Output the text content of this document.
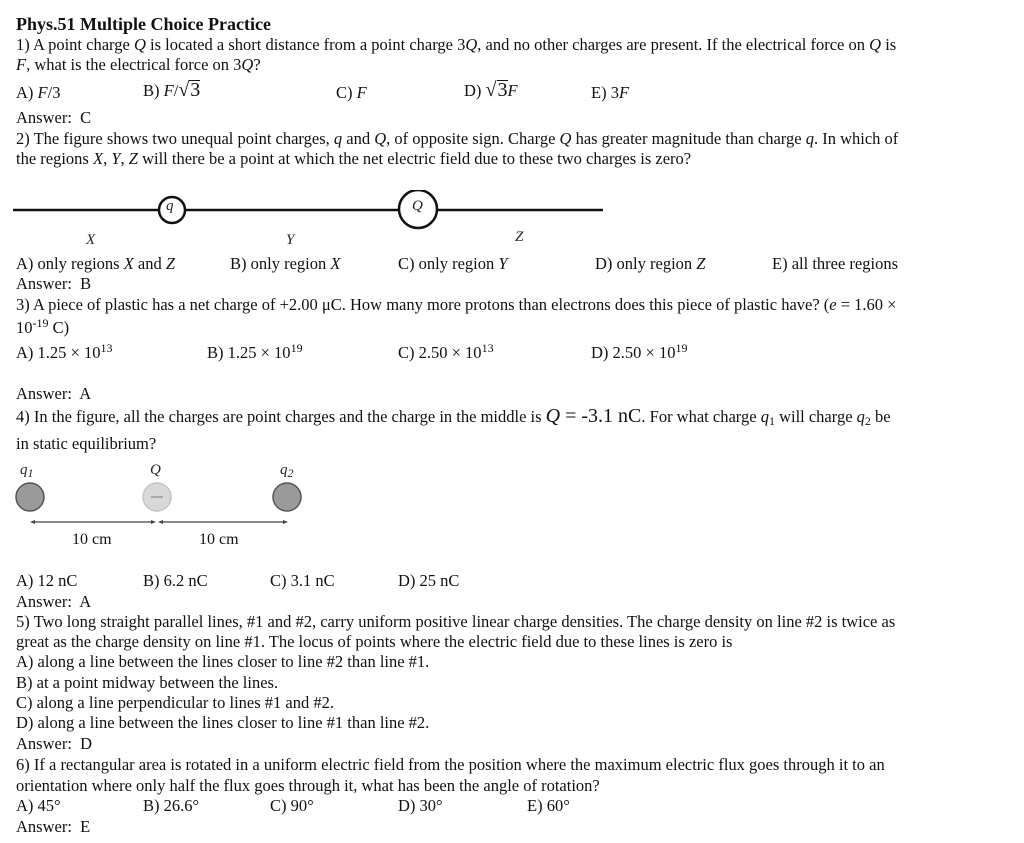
Phys.51 Multiple Choice Practice
1) A point charge Q is located a short distance from a point charge 3Q, and no other charges are present. If the electrical force on Q is
F, what is the electrical force on 3Q?
A) F/3	B) F/√3	C) F	D) √3F	E) 3F
Answer: C
2) The figure shows two unequal point charges, q and Q, of opposite sign. Charge Q has greater magnitude than charge q. In which of
the regions X, Y, Z will there be a point at which the net electric field due to these two charges is zero?
q	Q
X	Y	Z
A) only regions X and Z	B) only region X	C) only region Y	D) only region Z	E) all three regions
Answer: B
3) A piece of plastic has a net charge of +2.00 μC. How many more protons than electrons does this piece of plastic have? (e = 1.60 ×
$10^{-19}$ C)
A) $1.25 \times 10^{13}$	B) $1.25 \times 10^{19}$	C) $2.50 \times 10^{13}$	D) $2.50 \times 10^{19}$
Answer: A
4) In the figure, all the charges are point charges and the charge in the middle is Q = -3.1 nC. For what charge $q_1$ will charge $q_2$ be
in static equilibrium?
$q_1$	Q	$q_2$
10 cm	10 cm
A) 12 nC	B) 6.2 nC	C) 3.1 nC	D) 25 nC
Answer: A
5) Two long straight parallel lines, #1 and #2, carry uniform positive linear charge densities. The charge density on line #2 is twice as
great as the charge density on line #1. The locus of points where the electric field due to these lines is zero is
A) along a line between the lines closer to line #2 than line #1.
B) at a point midway between the lines.
C) along a line perpendicular to lines #1 and #2.
D) along a line between the lines closer to line #1 than line #2.
Answer: D
6) If a rectangular area is rotated in a uniform electric field from the position where the maximum electric flux goes through it to an
orientation where only half the flux goes through it, what has been the angle of rotation?
A) 45°	B) 26.6°	C) 90°	D) 30°	E) 60°
Answer: E
